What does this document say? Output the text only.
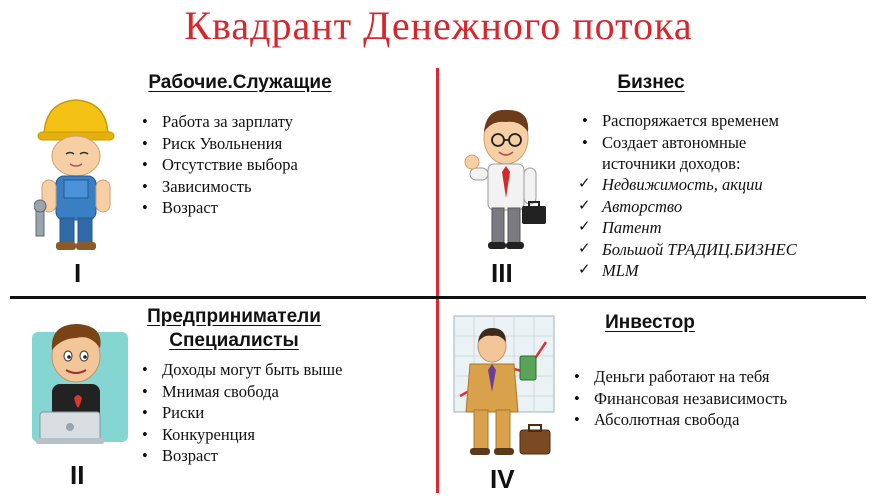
Квадрант Денежного потока
Рабочие.Служащие
• Работа за зарплату
• Риск Увольнения
• Отсутствие выбора
• Зависимость
• Возраст
I
Бизнес
• Распоряжается временем
• Создает автономные
источники доходов:
✓ Недвижимость, акции
✓ Авторство
✓ Патент
✓ Большой ТРАДИЦ.БИЗНЕС
✓ MLM
III
Предприниматели
Специалисты
• Доходы могут быть выше
• Мнимая свобода
• Риски
• Конкуренция
• Возраст
II
Инвестор
• Деньги работают на тебя
• Финансовая независимость
• Абсолютная свобода
IV
